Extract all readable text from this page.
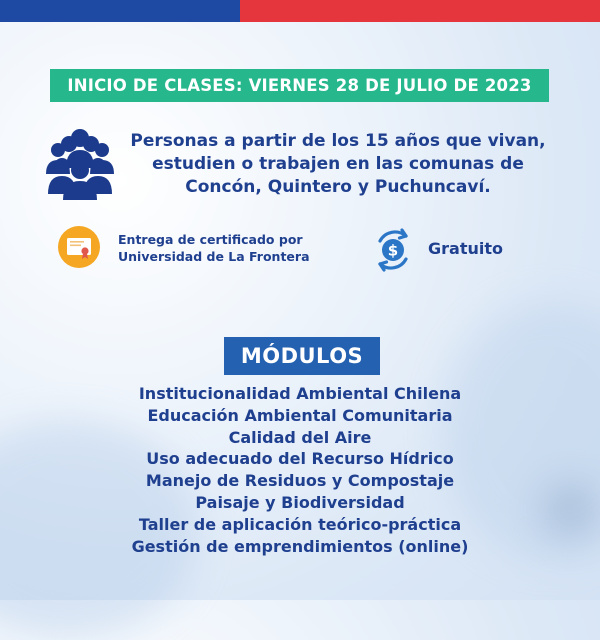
INICIO DE CLASES: VIERNES 28 DE JULIO DE 2023
Personas a partir de los 15 años que vivan,
estudien o trabajen en las comunas de
Concón, Quintero y Puchuncaví.
Entrega de certificado por
Universidad de La Frontera	$ Gratuito
MÓDULOS
Institucionalidad Ambiental Chilena
Educación Ambiental Comunitaria
Calidad del Aire
Uso adecuado del Recurso Hídrico
Manejo de Residuos y Compostaje
Paisaje y Biodiversidad
Taller de aplicación teórico-práctica
Gestión de emprendimientos (online)
